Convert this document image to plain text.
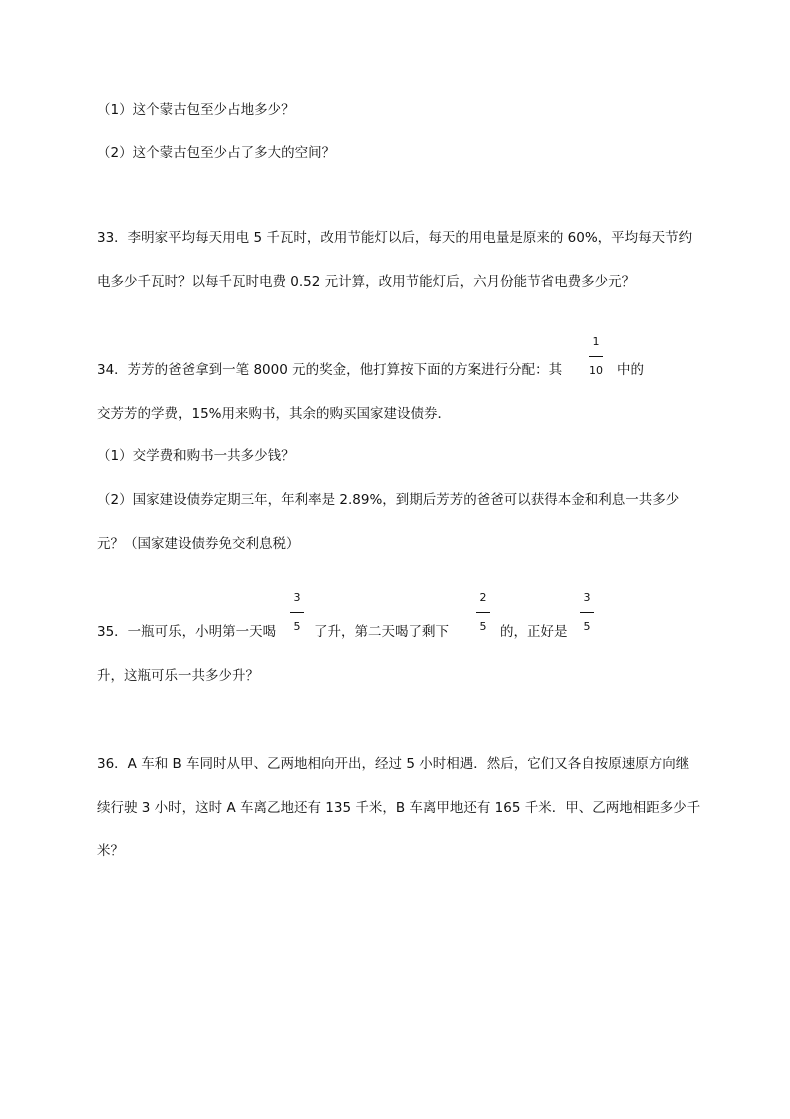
（1）这个蒙古包至少占地多少？
（2）这个蒙古包至少占了多大的空间？
33．李明家平均每天用电 5 千瓦时，改用节能灯以后，每天的用电量是原来的 60%，平均每天节约
电多少千瓦时？以每千瓦时电费 0.52 元计算，改用节能灯后，六月份能节省电费多少元？
34．芳芳的爸爸拿到一笔 8000 元的奖金，他打算按下面的方案进行分配：其
1
10 中的
交芳芳的学费，15%用来购书，其余的购买国家建设债券．
（1）交学费和购书一共多少钱？
（2）国家建设债券定期三年，年利率是 2.89%，到期后芳芳的爸爸可以获得本金和利息一共多少
元？（国家建设债券免交利息税）
35．一瓶可乐，小明第一天喝
3
5	了升，第二天喝了剩下
2
5	的，正好是
3
5
升，这瓶可乐一共多少升？
36．A 车和 B 车同时从甲、乙两地相向开出，经过 5 小时相遇．然后，它们又各自按原速原方向继
续行驶 3 小时，这时 A 车离乙地还有 135 千米，B 车离甲地还有 165 千米．甲、乙两地相距多少千
米？
